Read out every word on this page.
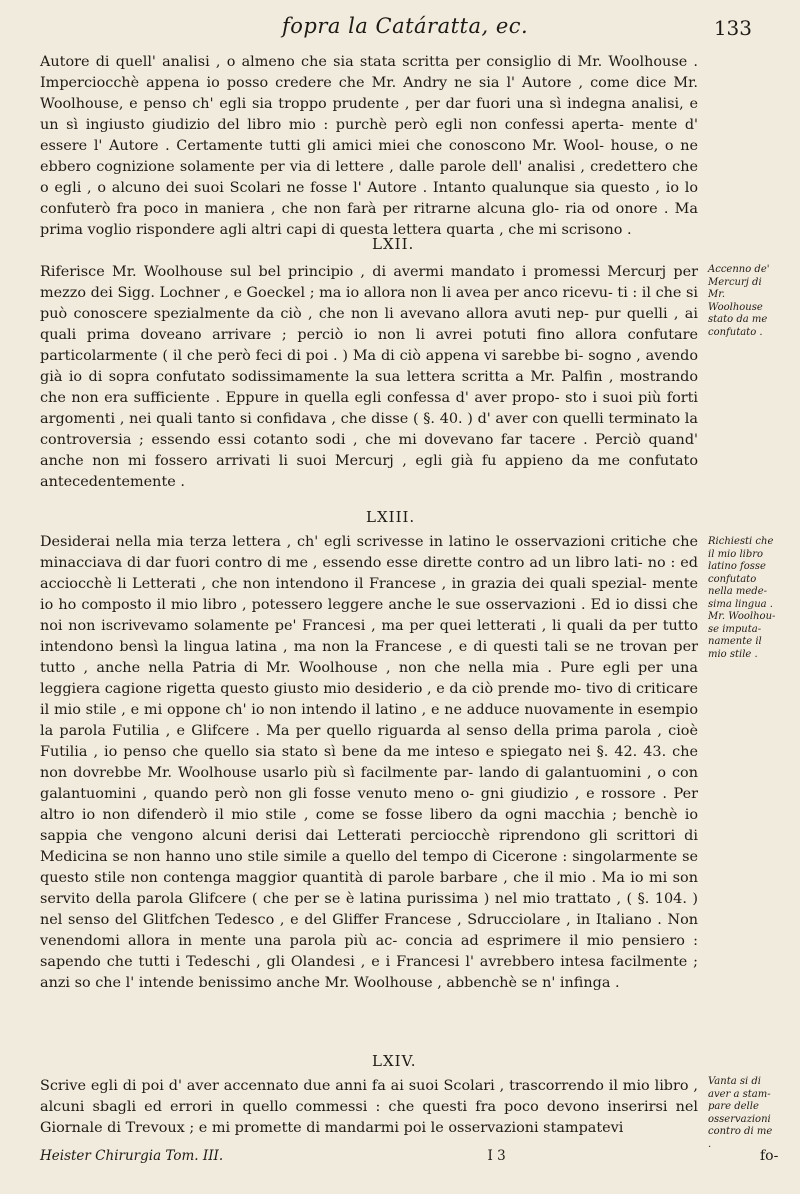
fopra la Catáratta, ec.	133
Autore di quell' analisi , o almeno che sia stata scritta per consiglio di Mr. Woolhouse . Imperciocchè appena io posso credere che Mr. Andry ne sia l' Autore , come dice Mr. Woolhouse, e penso ch' egli sia troppo prudente , per dar fuori una sì indegna analisi, e un sì ingiusto giudizio del libro mio : purchè però egli non confessi aperta- mente d' essere l' Autore . Certamente tutti gli amici miei che conoscono Mr. Wool- house, o ne ebbero cognizione solamente per via di lettere , dalle parole dell' analisi , credettero che o egli , o alcuno dei suoi Scolari ne fosse l' Autore . Intanto qualunque sia questo , io lo confuterò fra poco in maniera , che non farà per ritrarne alcuna glo- ria od onore . Ma prima voglio rispondere agli altri capi di questa lettera quarta , che mi scrisono .
LXII.
Riferisce Mr. Woolhouse sul bel principio , di avermi mandato i promessi Mercurj per mezzo dei Sigg. Lochner , e Goeckel ; ma io allora non li avea per anco ricevu- ti : il che si può conoscere spezialmente da ciò , che non li avevano allora avuti nep- pur quelli , ai quali prima doveano arrivare ; perciò io non li avrei potuti fino allora confutare particolarmente ( il che però feci di poi . ) Ma di ciò appena vi sarebbe bi- sogno , avendo già io di sopra confutato sodissimamente la sua lettera scritta a Mr. Palfin , mostrando che non era sufficiente . Eppure in quella egli confessa d' aver propo- sto i suoi più forti argomenti , nei quali tanto si confidava , che disse ( §. 40. ) d' aver con quelli terminato la controversia ; essendo essi cotanto sodi , che mi dovevano far tacere . Perciò quand' anche non mi fossero arrivati li suoi Mercurj , egli già fu appieno da me confutato antecedentemente .
Accenno de' Mercurj di Mr. Woolhouse stato da me confutato .
LXIII.
Desiderai nella mia terza lettera , ch' egli scrivesse in latino le osservazioni critiche che minacciava di dar fuori contro di me , essendo esse dirette contro ad un libro lati- no : ed acciocchè li Letterati , che non intendono il Francese , in grazia dei quali spezial- mente io ho composto il mio libro , potessero leggere anche le sue osservazioni . Ed io dissi che noi non iscrivevamo solamente pe' Francesi , ma per quei letterati , li quali da per tutto intendono bensì la lingua latina , ma non la Francese , e di questi tali se ne trovan per tutto , anche nella Patria di Mr. Woolhouse , non che nella mia . Pure egli per una leggiera cagione rigetta questo giusto mio desiderio , e da ciò prende mo- tivo di criticare il mio stile , e mi oppone ch' io non intendo il latino , e ne adduce nuovamente in esempio la parola Futilia , e Glifcere . Ma per quello riguarda al senso della prima parola , cioè Futilia , io penso che quello sia stato sì bene da me inteso e spiegato nei §. 42. 43. che non dovrebbe Mr. Woolhouse usarlo più sì facilmente par- lando di galantuomini , o con galantuomini , quando però non gli fosse venuto meno o- gni giudizio , e rossore . Per altro io non difenderò il mio stile , come se fosse libero da ogni macchia ; benchè io sappia che vengono alcuni derisi dai Letterati perciocchè riprendono gli scrittori di Medicina se non hanno uno stile simile a quello del tempo di Cicerone : singolarmente se questo stile non contenga maggior quantità di parole barbare , che il mio . Ma io mi son servito della parola Glifcere ( che per se è latina purissima ) nel mio trattato , ( §. 104. ) nel senso del Glitfchen Tedesco , e del Gliffer Francese , Sdrucciolare , in Italiano . Non venendomi allora in mente una parola più ac- concia ad esprimere il mio pensiero : sapendo che tutti i Tedeschi , gli Olandesi , e i Francesi l' avrebbero intesa facilmente ; anzi so che l' intende benissimo anche Mr. Woolhouse , abbenchè se n' infinga .
Richiesti che il mio libro latino fosse confutato nella mede- sima lingua . Mr. Woolhou- se imputa- namente il mio stile .
LXIV.
Scrive egli di poi d' aver accennato due anni fa ai suoi Scolari , trascorrendo il mio libro , alcuni sbagli ed errori in quello commessi : che questi fra poco devono inserirsi nel Giornale di Trevoux ; e mi promette di mandarmi poi le osservazioni stampatevi
Vanta si di aver a stam- pare delle osservazioni contro di me .
Heister Chirurgia Tom. III.	I 3	fo-
